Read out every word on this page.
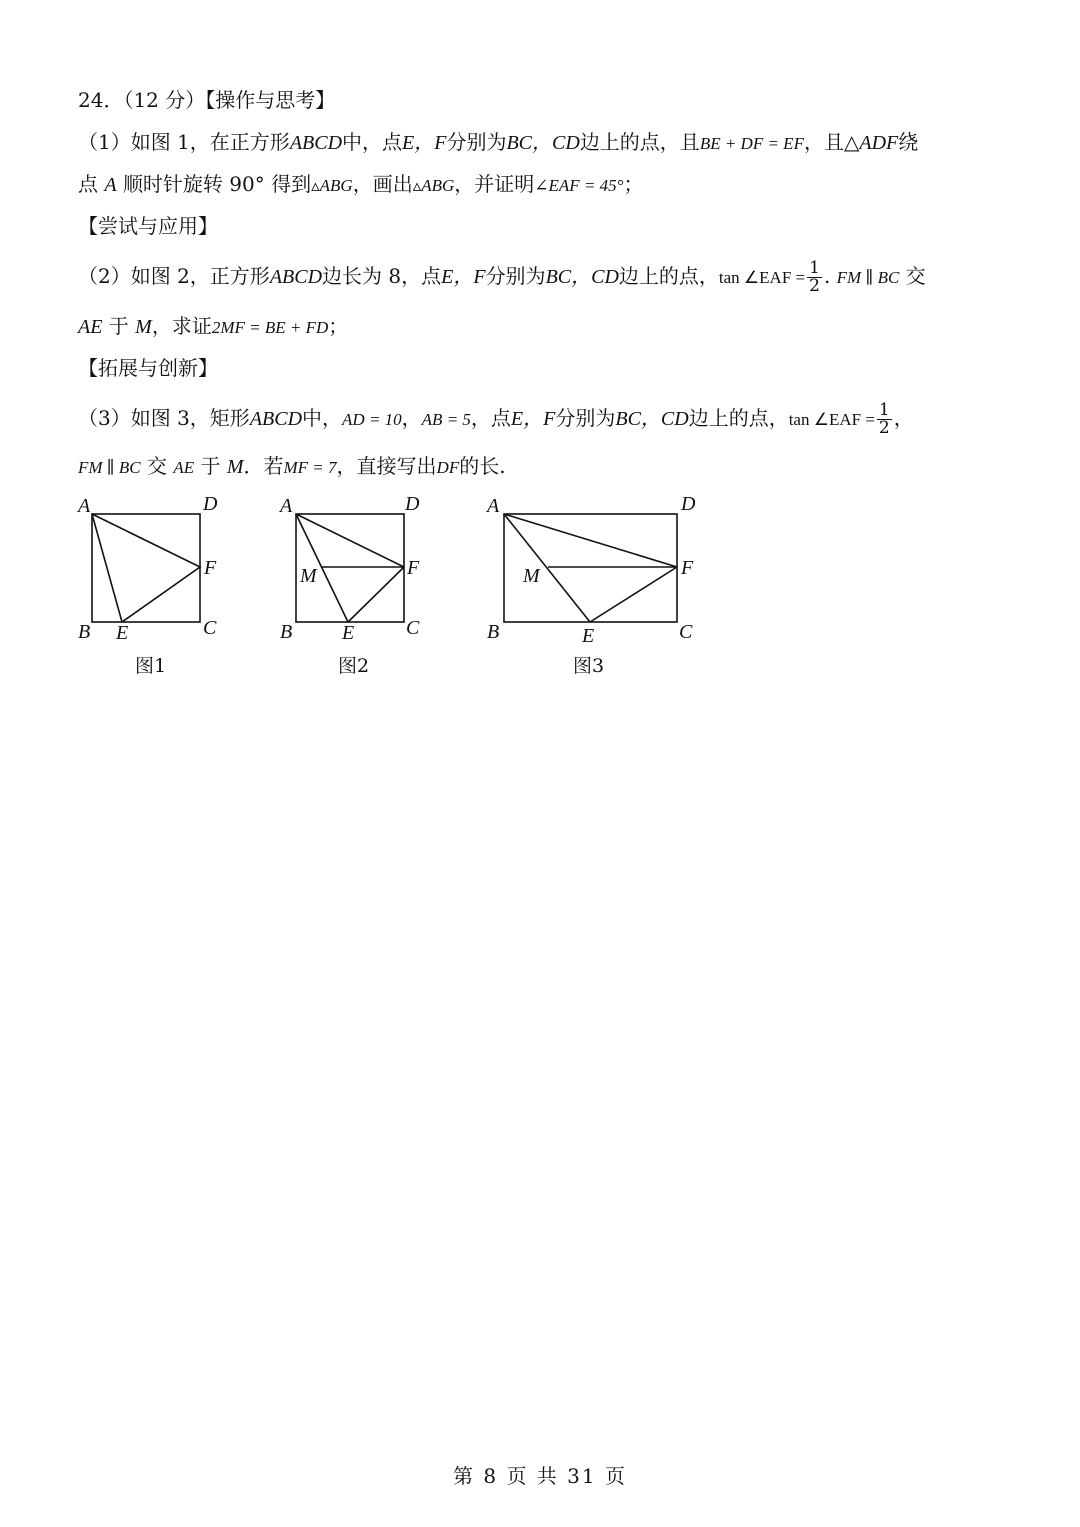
24．（12 分）【操作与思考】
（1）如图 1，在正方形ABCD中，点E，F分别为BC，CD边上的点，且BE + DF = EF，且△ADF绕
点 A 顺时针旋转 90° 得到▵ABG，画出▵ABG，并证明∠EAF = 45°；
【尝试与应用】
（2）如图 2，正方形ABCD边长为 8，点E，F分别为BC，CD边上的点，tan ∠EAF = $\frac{1}{2}$ . FM ∥ BC 交
AE 于 M，求证2MF = BE + FD；
【拓展与创新】
（3）如图 3，矩形ABCD中，AD = 10，AB = 5，点E，F分别为BC，CD边上的点，tan ∠EAF = $\frac{1}{2}$ ，
FM ∥ BC 交 AE 于 M．若MF = 7，直接写出DF的长.
A	D
F
B E	C
图1
A	D
M	F
B E	C
图2
A	D
M	F
B	E	C
图3
第 8 页 共 31 页
